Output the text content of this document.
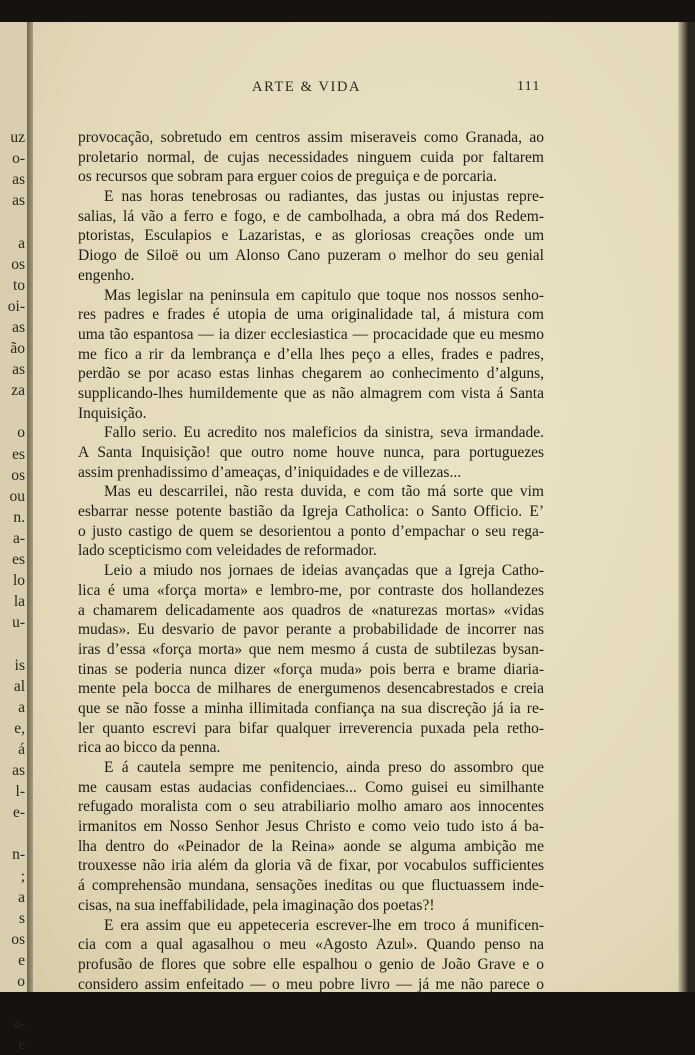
uz
o-
as
as
a
os
to
oi-
as
ão
as
za
o
es
os
ou
n.
a-
es
lo
la
u-
is
al
a
e,
á
as
l-
e-
n-
;
a
s
os
e
o
a-
e
ARTE & VIDA	111
provocação, sobretudo em centros assim miseraveis como Granada, ao
proletario normal, de cujas necessidades ninguem cuida por faltarem
os recursos que sobram para erguer coios de preguiça e de porcaria.
E nas horas tenebrosas ou radiantes, das justas ou injustas repre-
salias, lá vão a ferro e fogo, e de cambolhada, a obra má dos Redem-
ptoristas, Esculapios e Lazaristas, e as gloriosas creações onde um
Diogo de Siloë ou um Alonso Cano puzeram o melhor do seu genial
engenho.
Mas legislar na peninsula em capitulo que toque nos nossos senho-
res padres e frades é utopia de uma originalidade tal, á mistura com
uma tão espantosa — ia dizer ecclesiastica — procacidade que eu mesmo
me fico a rir da lembrança e d’ella lhes peço a elles, frades e padres,
perdão se por acaso estas linhas chegarem ao conhecimento d’alguns,
supplicando-lhes humildemente que as não almagrem com vista á Santa
Inquisição.
Fallo serio. Eu acredito nos maleficios da sinistra, seva irmandade.
A Santa Inquisição! que outro nome houve nunca, para portuguezes
assim prenhadissimo d’ameaças, d’iniquidades e de villezas...
Mas eu descarrilei, não resta duvida, e com tão má sorte que vim
esbarrar nesse potente bastião da Igreja Catholica: o Santo Officio. E’
o justo castigo de quem se desorientou a ponto d’empachar o seu rega-
lado scepticismo com veleidades de reformador.
Leio a miudo nos jornaes de ideias avançadas que a Igreja Catho-
lica é uma «força morta» e lembro-me, por contraste dos hollandezes
a chamarem delicadamente aos quadros de «naturezas mortas» «vidas
mudas». Eu desvario de pavor perante a probabilidade de incorrer nas
iras d’essa «força morta» que nem mesmo á custa de subtilezas bysan-
tinas se poderia nunca dizer «força muda» pois berra e brame diaria-
mente pela bocca de milhares de energumenos desencabrestados e creia
que se não fosse a minha illimitada confiança na sua discreção já ia re-
ler quanto escrevi para bifar qualquer irreverencia puxada pela retho-
rica ao bicco da penna.
E á cautela sempre me penitencio, ainda preso do assombro que
me causam estas audacias confidenciaes... Como guisei eu similhante
refugado moralista com o seu atrabiliario molho amaro aos innocentes
irmanitos em Nosso Senhor Jesus Christo e como veio tudo isto á ba-
lha dentro do «Peinador de la Reina» aonde se alguma ambição me
trouxesse não iria além da gloria vã de fixar, por vocabulos sufficientes
á comprehensão mundana, sensações ineditas ou que fluctuassem inde-
cisas, na sua ineffabilidade, pela imaginação dos poetas?!
E era assim que eu appeteceria escrever-lhe em troco á munificen-
cia com a qual agasalhou o meu «Agosto Azul». Quando penso na
profusão de flores que sobre elle espalhou o genio de João Grave e o
considero assim enfeitado — o meu pobre livro — já me não parece o
